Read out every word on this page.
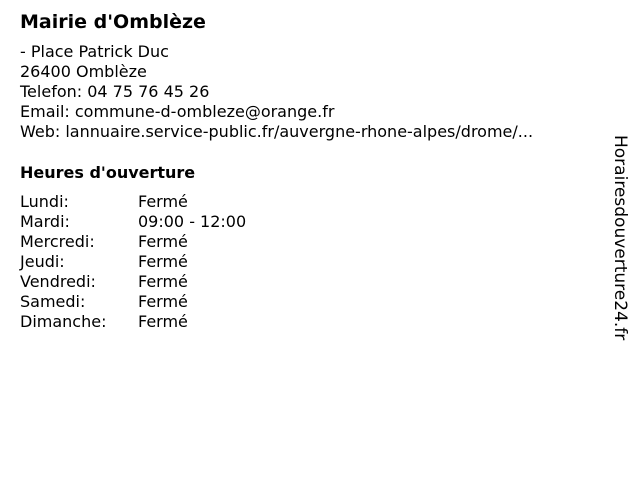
Mairie d'Omblèze
- Place Patrick Duc
26400 Omblèze
Telefon: 04 75 76 45 26
Email: commune-d-ombleze@orange.fr
Web: lannuaire.service-public.fr/auvergne-rhone-alpes/drome/...
Heures d'ouverture
Lundi:	Fermé
Mardi:	09:00 - 12:00
Mercredi:	Fermé
Jeudi:	Fermé
Vendredi:	Fermé
Samedi:	Fermé
Dimanche:	Fermé	Horairesdouverture24.fr
